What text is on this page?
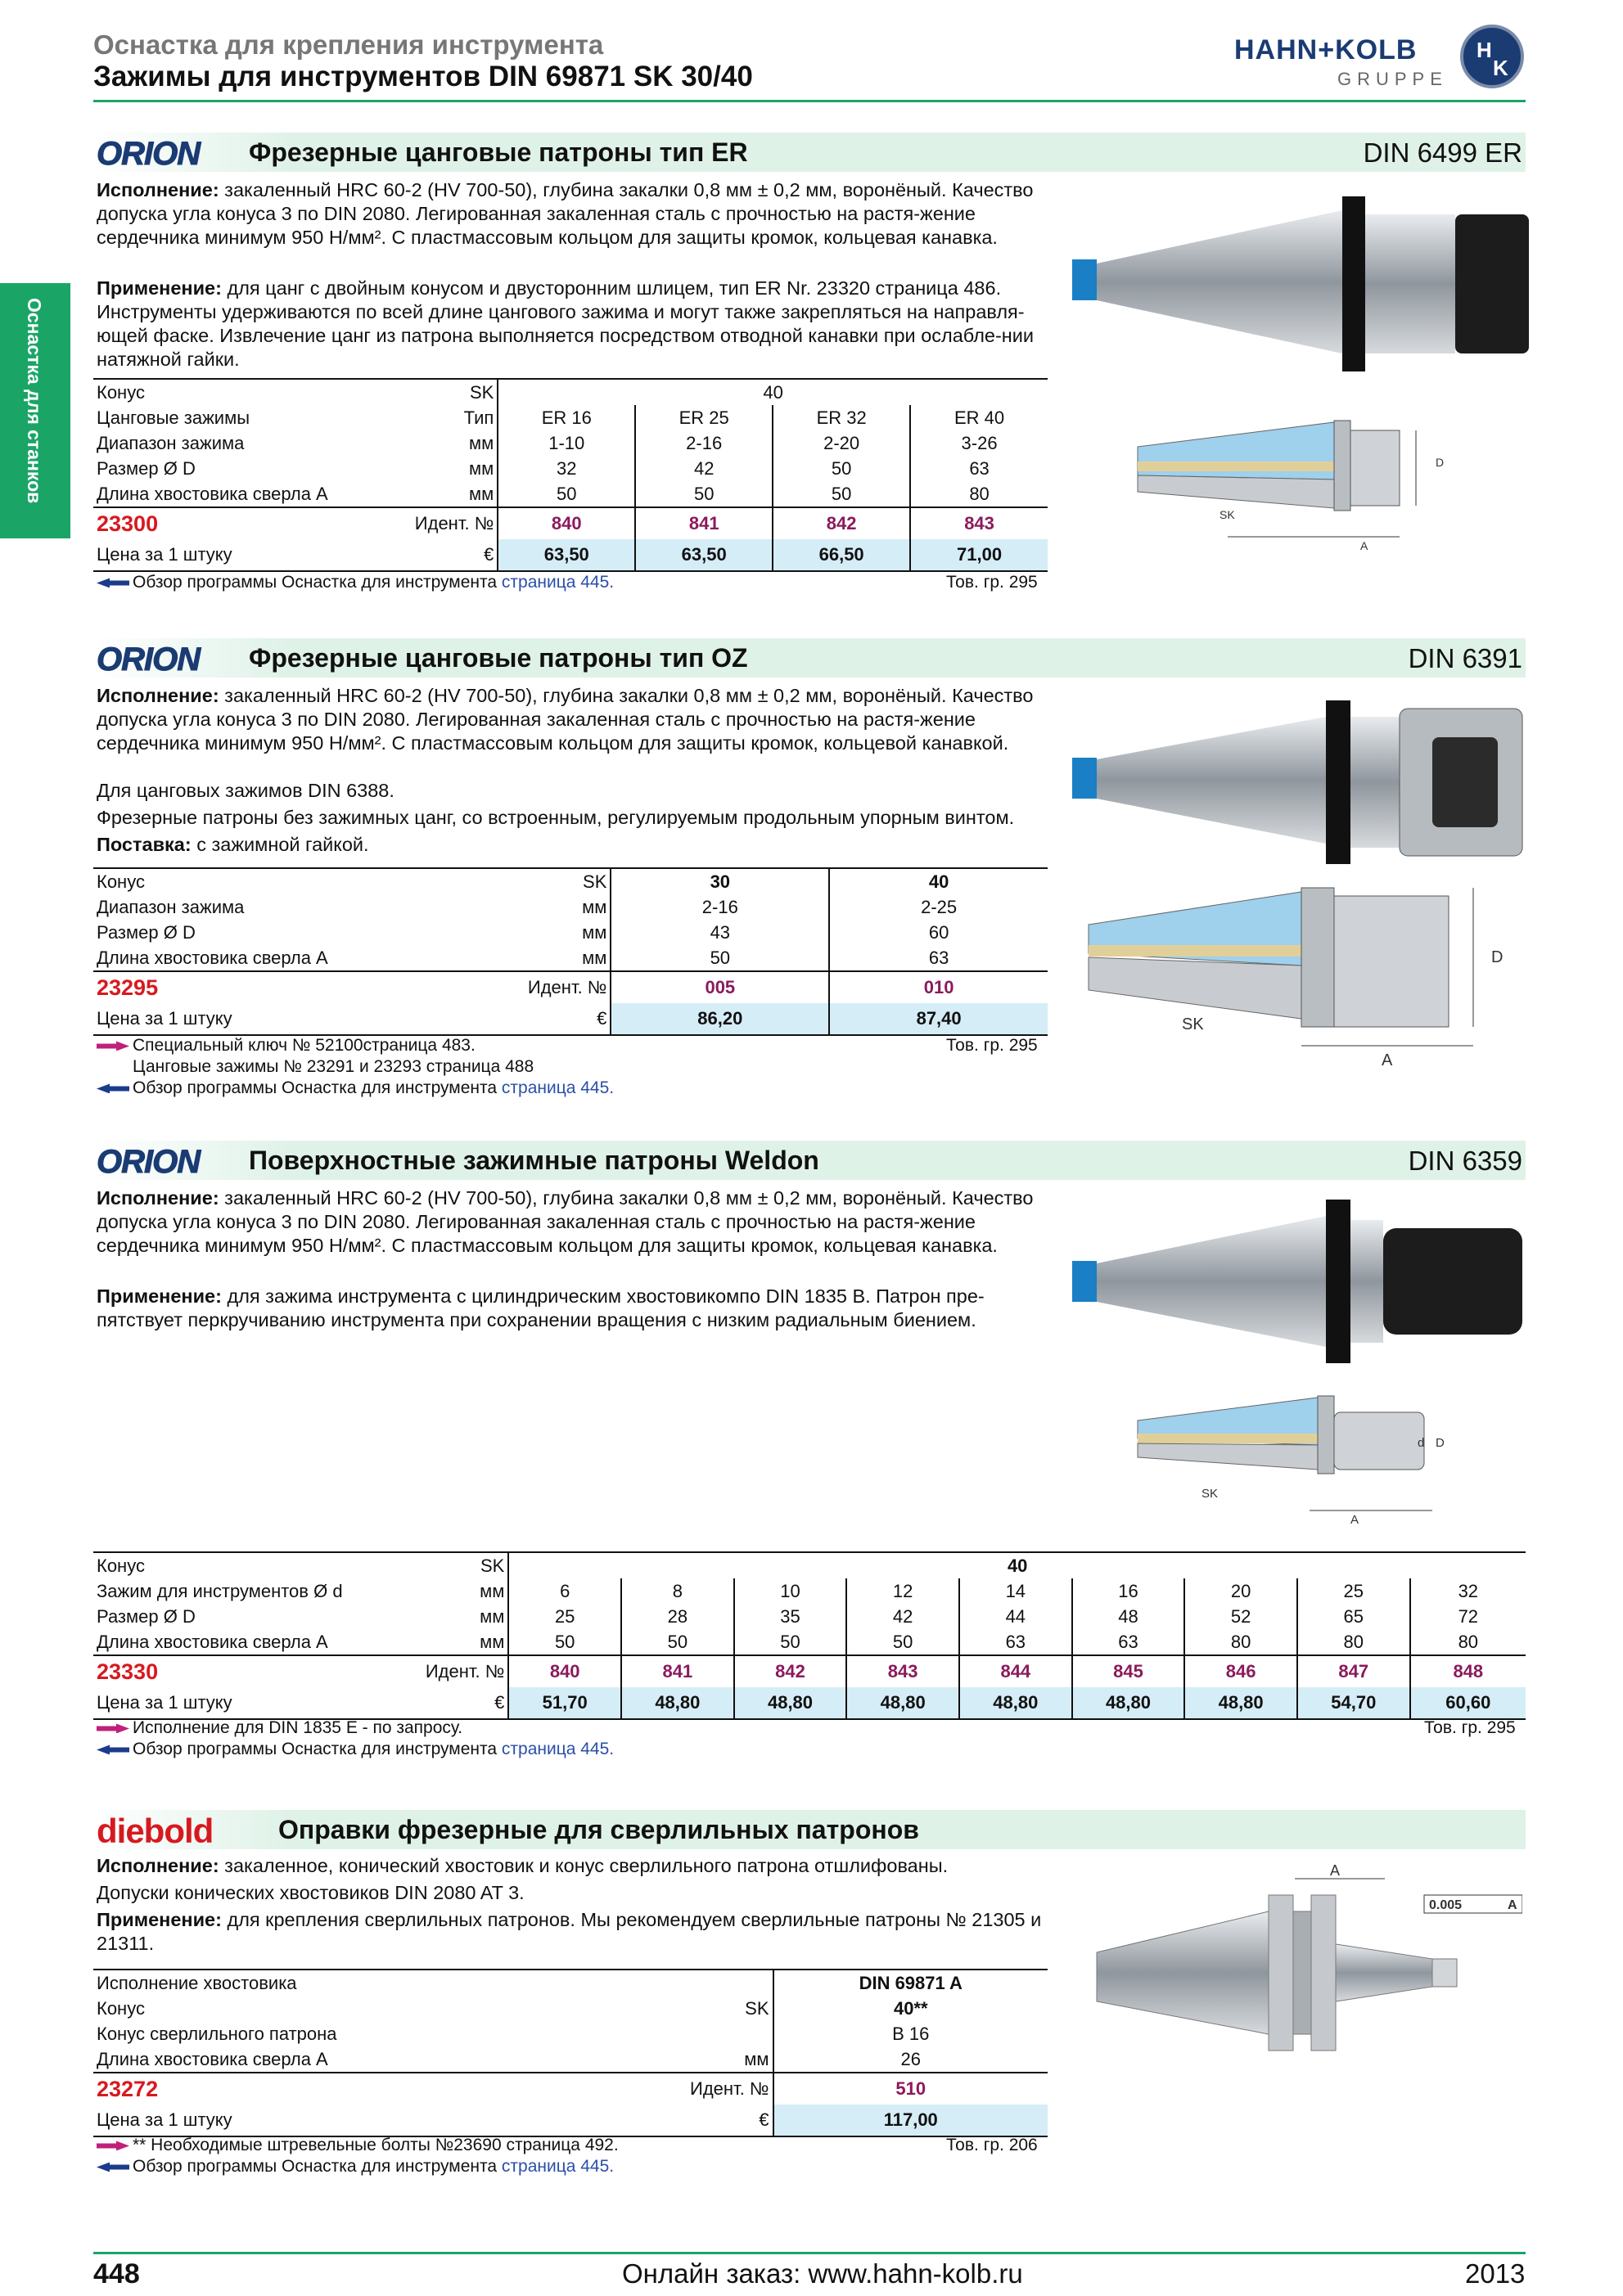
Оснастка для крепления инструмента
Зажимы для инструментов DIN 69871 SK 30/40
HAHN+KOLB
GRUPPE
H
K
Оснастка для станков
ORION Фрезерные цанговые патроны тип ER	DIN 6499 ER
Исполнение: закаленный HRC 60-2 (HV 700-50), глубина закалки 0,8 мм ± 0,2 мм, воронёный. Качество допуска угла конуса 3 по DIN 2080. Легированная закаленная сталь с прочностью на растя-жение сердечника минимум 950 Н/мм². С пластмассовым кольцом для защиты кромок, кольцевая канавка.
Применение: для цанг с двойным конусом и двусторонним шлицем, тип ER Nr. 23320 страница 486. Инструменты удерживаются по всей длине цангового зажима и могут также закрепляться на направля-ющей фаске. Извлечение цанг из патрона выполняется посредством отводной канавки при ослабле-нии натяжной гайки.
Конус	SK	40			
Цанговые зажимы	Тип	ER 16	ER 25	ER 32	ER 40
Диапазон зажима	мм	1-10	2-16	2-20	3-26
Размер Ø D	мм	32	42	50	63
Длина хвостовика сверла А	мм	50	50	50	80
23300	Идент. №	840	841	842	843
Цена за 1 штуку	€	63,50	63,50	66,50	71,00
Обзор программы Оснастка для инструмента страница 445.	Тов. гр. 295
D
A
SK
ORION Фрезерные цанговые патроны тип OZ	DIN 6391
Исполнение: закаленный HRC 60-2 (HV 700-50), глубина закалки 0,8 мм ± 0,2 мм, воронёный. Качество допуска угла конуса 3 по DIN 2080. Легированная закаленная сталь с прочностью на растя-жение сердечника минимум 950 Н/мм². С пластмассовым кольцом для защиты кромок, кольцевой канавкой.
Для цанговых зажимов DIN 6388.
Фрезерные патроны без зажимных цанг, со встроенным, регулируемым продольным упорным винтом.
Поставка: с зажимной гайкой.
Конус	SK	30	40
Диапазон зажима	мм	2-16	2-25
Размер Ø D	мм	43	60
Длина хвостовика сверла А	мм	50	63
23295	Идент. №	005	010
Цена за 1 штуку	€	86,20	87,40
Специальный ключ № 52100страница 483.
Цанговые зажимы № 23291 и 23293 страница 488
Обзор программы Оснастка для инструмента страница 445.
Тов. гр. 295
D
A
SK
ORION Поверхностные зажимные патроны Weldon	DIN 6359
Исполнение: закаленный HRC 60-2 (HV 700-50), глубина закалки 0,8 мм ± 0,2 мм, воронёный. Качество допуска угла конуса 3 по DIN 2080. Легированная закаленная сталь с прочностью на растя-жение сердечника минимум 950 Н/мм². С пластмассовым кольцом для защиты кромок, кольцевая канавка.
Применение: для зажима инструмента с цилиндрическим хвостовикомпо DIN 1835 B. Патрон пре-пятствует перкручиванию инструмента при сохранении вращения с низким радиальным биением.
d D
A
SK
Конус	SK	40								
Зажим для инструментов Ø d	мм	6	8	10	12	14	16	20	25	32
Размер Ø D	мм	25	28	35	42	44	48	52	65	72
Длина хвостовика сверла А	мм	50	50	50	50	63	63	80	80	80
23330	Идент. №	840	841	842	843	844	845	846	847	848
Цена за 1 штуку	€	51,70	48,80	48,80	48,80	48,80	48,80	48,80	54,70	60,60
Исполнение для DIN 1835 Е - по запросу.
Обзор программы Оснастка для инструмента страница 445.
Тов. гр. 295
diebold Оправки фрезерные для сверлильных патронов
Исполнение: закаленное, конический хвостовик и конус сверлильного патрона отшлифованы.
Допуски конических хвостовиков DIN 2080 AT 3.
Применение: для крепления сверлильных патронов. Мы рекомендуем сверлильные патроны № 21305 и 21311.
Исполнение хвостовика		DIN 69871 A
Конус	SK	40**
Конус сверлильного патрона		B 16
Длина хвостовика сверла А	мм	26
23272	Идент. №	510
Цена за 1 штуку	€	117,00
** Необходимые штревельные болты №23690 страница 492.
Обзор программы Оснастка для инструмента страница 445.
Тов. гр. 206
A
0.005	A
448	Онлайн заказ: www.hahn-kolb.ru	2013
